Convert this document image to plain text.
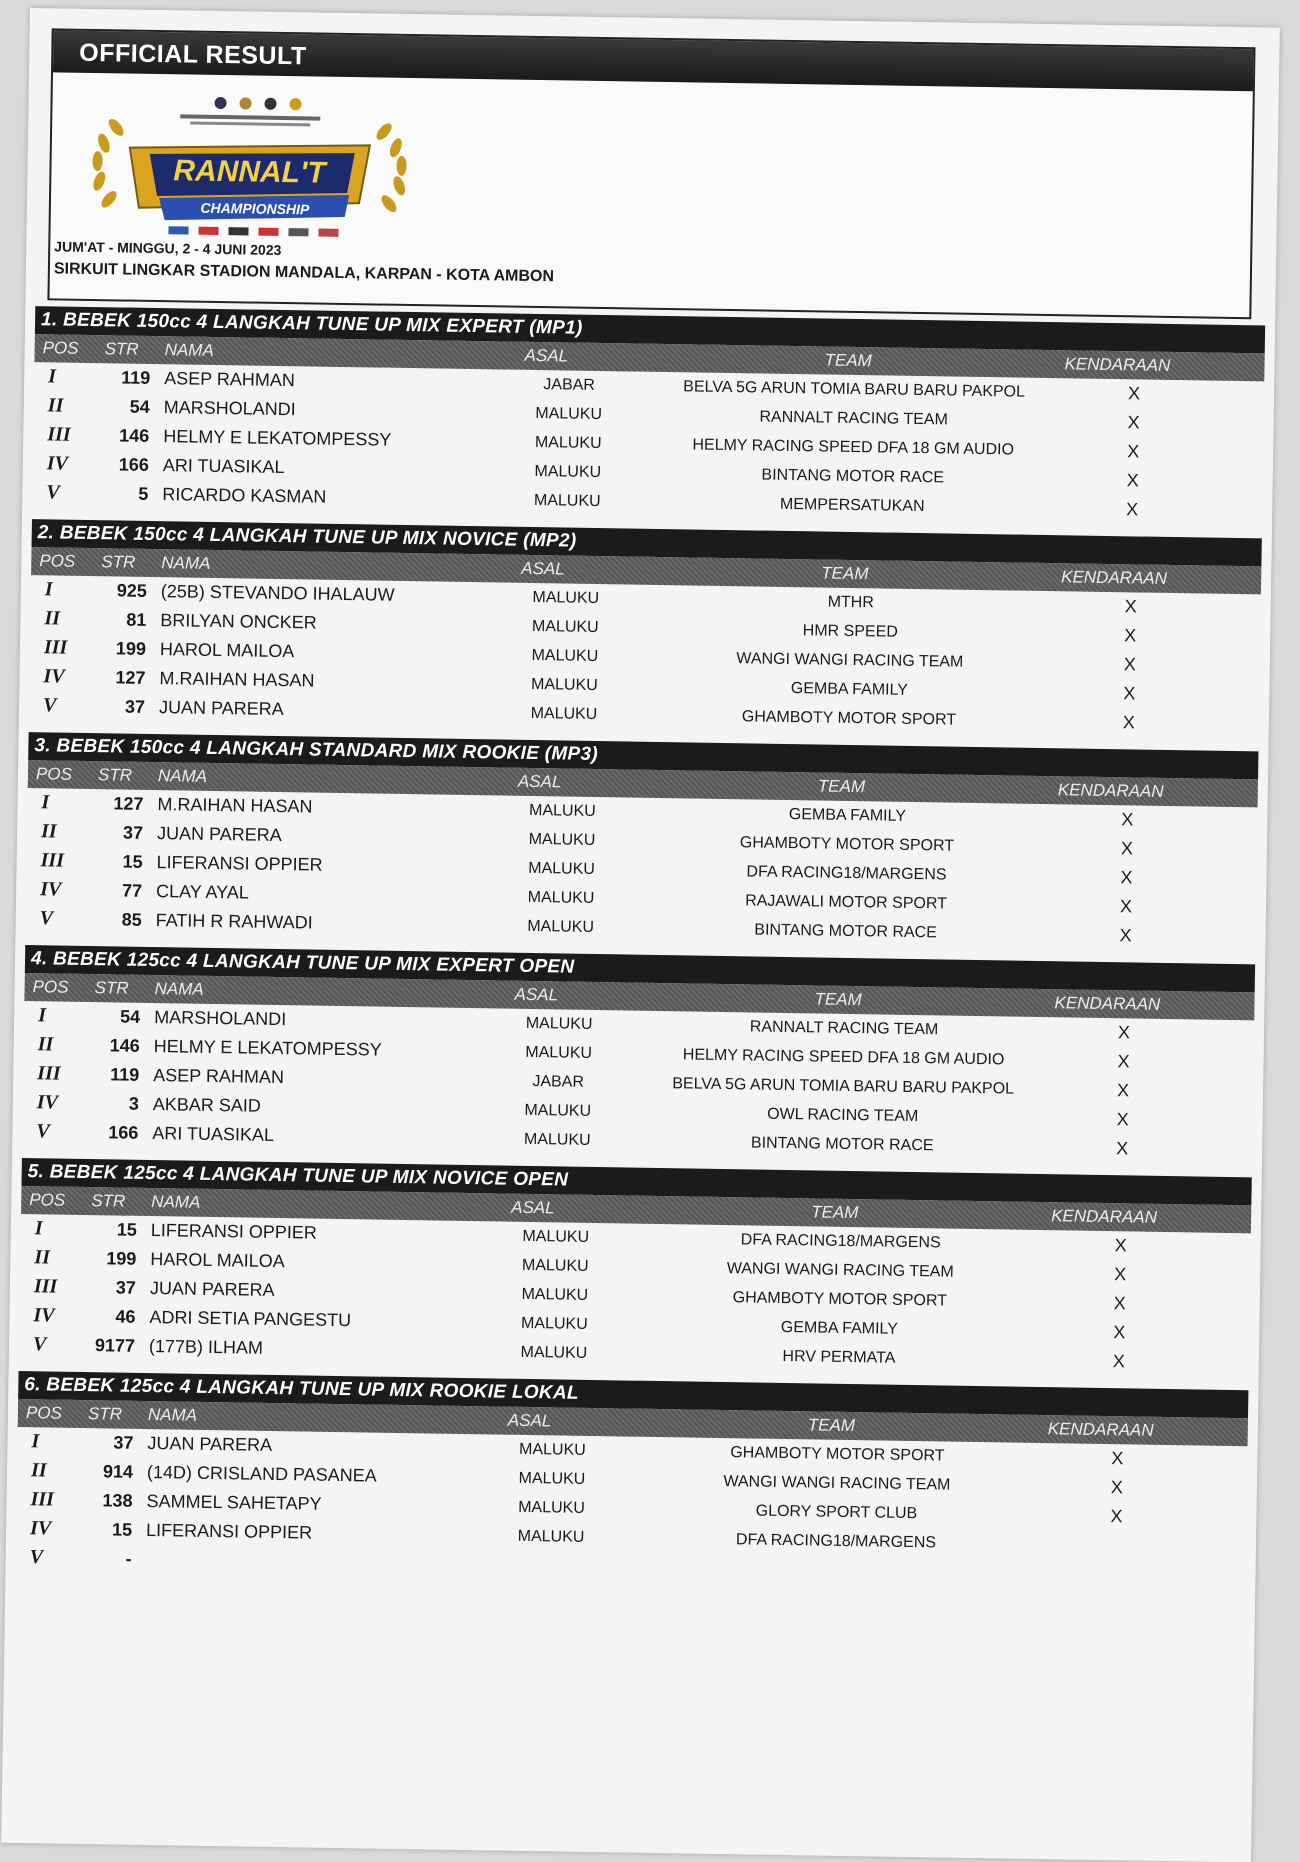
OFFICIAL RESULT
RANNAL'T
CHAMPIONSHIP
JUM'AT - MINGGU, 2 - 4 JUNI 2023
SIRKUIT LINGKAR STADION MANDALA, KARPAN - KOTA AMBON
1. BEBEK 150cc 4 LANGKAH TUNE UP MIX EXPERT (MP1)
POS STR NAMA	ASAL	TEAM	KENDARAAN
I	119 ASEP RAHMAN	JABAR	BELVA 5G ARUN TOMIA BARU BARU PAKPOL	X
II	54 MARSHOLANDI	MALUKU	RANNALT RACING TEAM	X
III	146 HELMY E LEKATOMPESSY	MALUKU	HELMY RACING SPEED DFA 18 GM AUDIO	X
IV	166 ARI TUASIKAL	MALUKU	BINTANG MOTOR RACE	X
V	5 RICARDO KASMAN	MALUKU	MEMPERSATUKAN	X
2. BEBEK 150cc 4 LANGKAH TUNE UP MIX NOVICE (MP2)
POS STR NAMA	ASAL	TEAM	KENDARAAN
I	925 (25B) STEVANDO IHALAUW	MALUKU	MTHR	X
II	81 BRILYAN ONCKER	MALUKU	HMR SPEED	X
III	199 HAROL MAILOA	MALUKU	WANGI WANGI RACING TEAM	X
IV	127 M.RAIHAN HASAN	MALUKU	GEMBA FAMILY	X
V	37 JUAN PARERA	MALUKU	GHAMBOTY MOTOR SPORT	X
3. BEBEK 150cc 4 LANGKAH STANDARD MIX ROOKIE (MP3)
POS STR NAMA	ASAL	TEAM	KENDARAAN
I	127 M.RAIHAN HASAN	MALUKU	GEMBA FAMILY	X
II	37 JUAN PARERA	MALUKU	GHAMBOTY MOTOR SPORT	X
III	15 LIFERANSI OPPIER	MALUKU	DFA RACING18/MARGENS	X
IV	77 CLAY AYAL	MALUKU	RAJAWALI MOTOR SPORT	X
V	85 FATIH R RAHWADI	MALUKU	BINTANG MOTOR RACE	X
4. BEBEK 125cc 4 LANGKAH TUNE UP MIX EXPERT OPEN
POS STR NAMA	ASAL	TEAM	KENDARAAN
I	54 MARSHOLANDI	MALUKU	RANNALT RACING TEAM	X
II	146 HELMY E LEKATOMPESSY	MALUKU	HELMY RACING SPEED DFA 18 GM AUDIO	X
III	119 ASEP RAHMAN	JABAR	BELVA 5G ARUN TOMIA BARU BARU PAKPOL	X
IV	3 AKBAR SAID	MALUKU	OWL RACING TEAM	X
V	166 ARI TUASIKAL	MALUKU	BINTANG MOTOR RACE	X
5. BEBEK 125cc 4 LANGKAH TUNE UP MIX NOVICE OPEN
POS STR NAMA	ASAL	TEAM	KENDARAAN
I	15 LIFERANSI OPPIER	MALUKU	DFA RACING18/MARGENS	X
II	199 HAROL MAILOA	MALUKU	WANGI WANGI RACING TEAM	X
III	37 JUAN PARERA	MALUKU	GHAMBOTY MOTOR SPORT	X
IV	46 ADRI SETIA PANGESTU	MALUKU	GEMBA FAMILY	X
V	9177 (177B) ILHAM	MALUKU	HRV PERMATA	X
6. BEBEK 125cc 4 LANGKAH TUNE UP MIX ROOKIE LOKAL
POS STR NAMA	ASAL	TEAM	KENDARAAN
I	37 JUAN PARERA	MALUKU	GHAMBOTY MOTOR SPORT	X
II	914 (14D) CRISLAND PASANEA	MALUKU	WANGI WANGI RACING TEAM	X
III	138 SAMMEL SAHETAPY	MALUKU	GLORY SPORT CLUB	X
IV	15 LIFERANSI OPPIER	MALUKU	DFA RACING18/MARGENS
V	-
